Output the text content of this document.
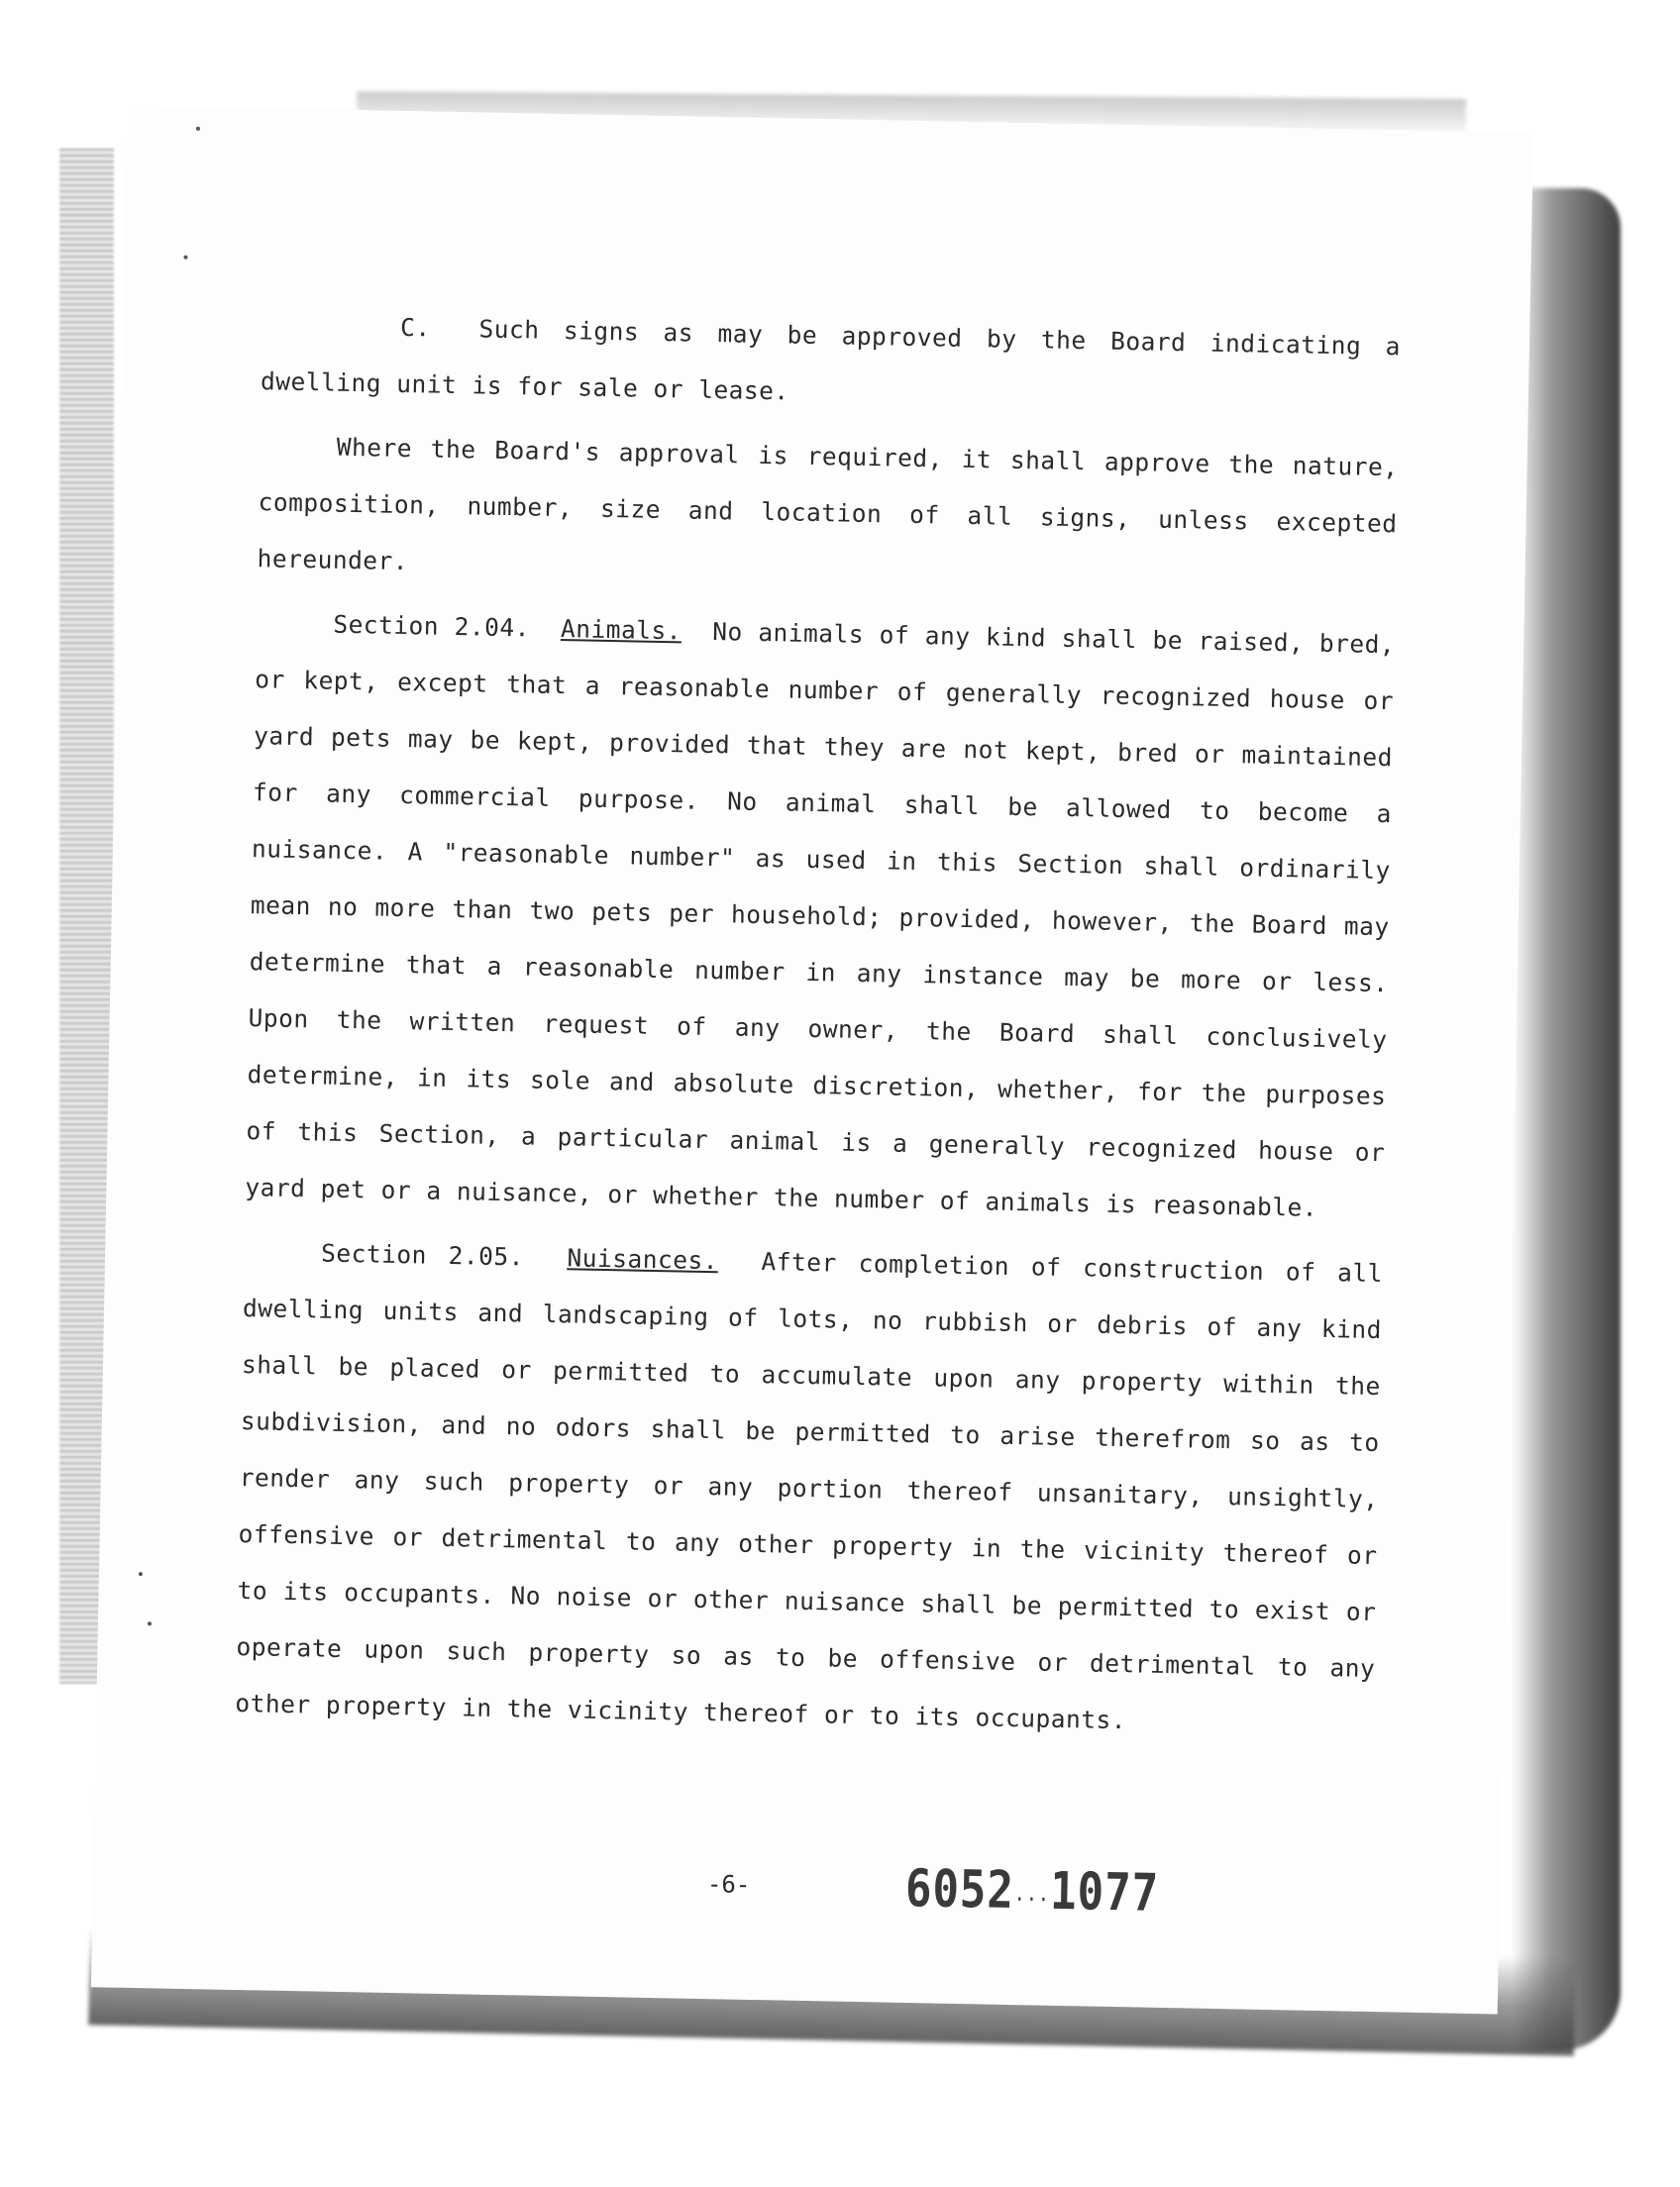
C. Such signs as may be approved by the Board indicating a dwelling unit is for sale or lease.

Where the Board's approval is required, it shall approve the nature, composition, number, size and location of all signs, unless excepted hereunder.

Section 2.04. Animals. No animals of any kind shall be raised, bred, or kept, except that a reasonable number of generally recognized house or yard pets may be kept, provided that they are not kept, bred or maintained for any commercial purpose. No animal shall be allowed to become a nuisance. A "reasonable number" as used in this Section shall ordinarily mean no more than two pets per household; provided, however, the Board may determine that a reasonable number in any instance may be more or less. Upon the written request of any owner, the Board shall conclusively determine, in its sole and absolute discretion, whether, for the purposes of this Section, a particular animal is a generally recognized house or yard pet or a nuisance, or whether the number of animals is reasonable.

Section 2.05. Nuisances. After completion of construction of all dwelling units and landscaping of lots, no rubbish or debris of any kind shall be placed or permitted to accumulate upon any property within the subdivision, and no odors shall be permitted to arise therefrom so as to render any such property or any portion thereof unsanitary, unsightly, offensive or detrimental to any other property in the vicinity thereof or to its occupants. No noise or other nuisance shall be permitted to exist or operate upon such property so as to be offensive or detrimental to any other property in the vicinity thereof or to its occupants.

-6-	6052...1077
